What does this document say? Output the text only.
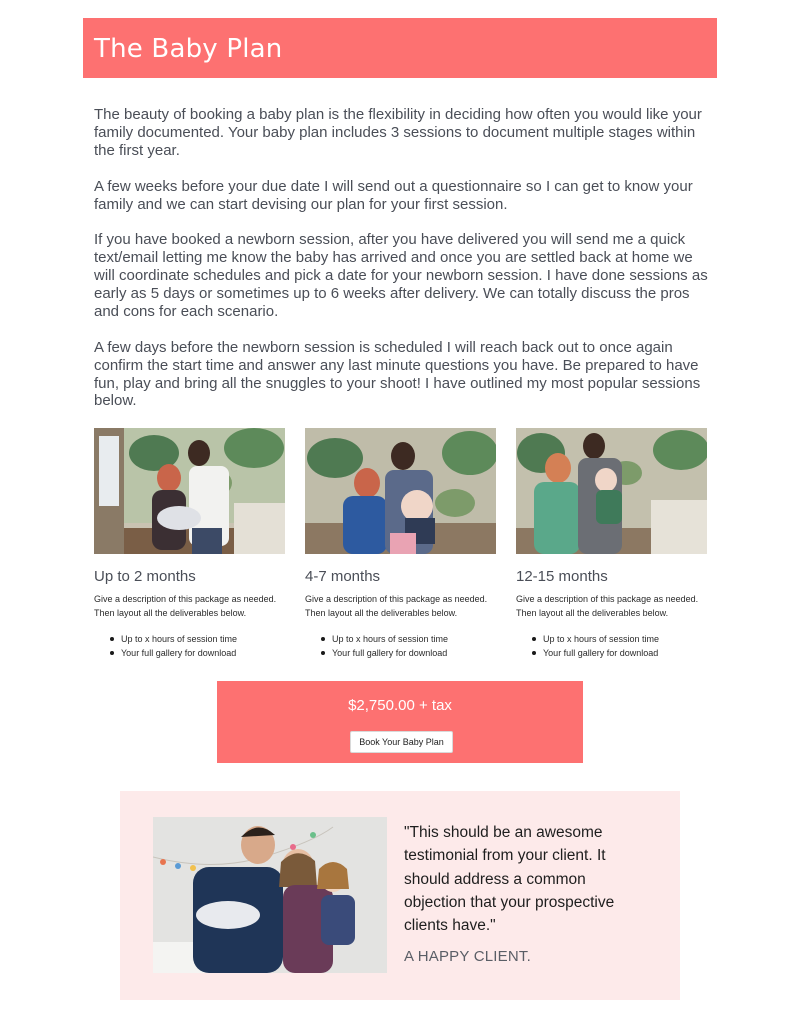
The Baby Plan

The beauty of booking a baby plan is the flexibility in deciding how often you would like your family documented. Your baby plan includes 3 sessions to document multiple stages within the first year.

A few weeks before your due date I will send out a questionnaire so I can get to know your family and we can start devising our plan for your first session.

If you have booked a newborn session, after you have delivered you will send me a quick text/email letting me know the baby has arrived and once you are settled back at home we will coordinate schedules and pick a date for your newborn session. I have done sessions as early as 5 days or sometimes up to 6 weeks after delivery. We can totally discuss the pros and cons for each scenario.

A few days before the newborn session is scheduled I will reach back out to once again confirm the start time and answer any last minute questions you have. Be prepared to have fun, play and bring all the snuggles to your shoot! I have outlined my most popular sessions below.

Up to 2 months
Give a description of this package as needed. Then layout all the deliverables below.
Up to x hours of session time
Your full gallery for download
4-7 months
Give a description of this package as needed. Then layout all the deliverables below.
Up to x hours of session time
Your full gallery for download
12-15 months
Give a description of this package as needed. Then layout all the deliverables below.
Up to x hours of session time
Your full gallery for download
$2,750.00 + tax
Book Your Baby Plan
"This should be an awesome testimonial from your client. It should address a common objection that your prospective clients have."
A HAPPY CLIENT.
